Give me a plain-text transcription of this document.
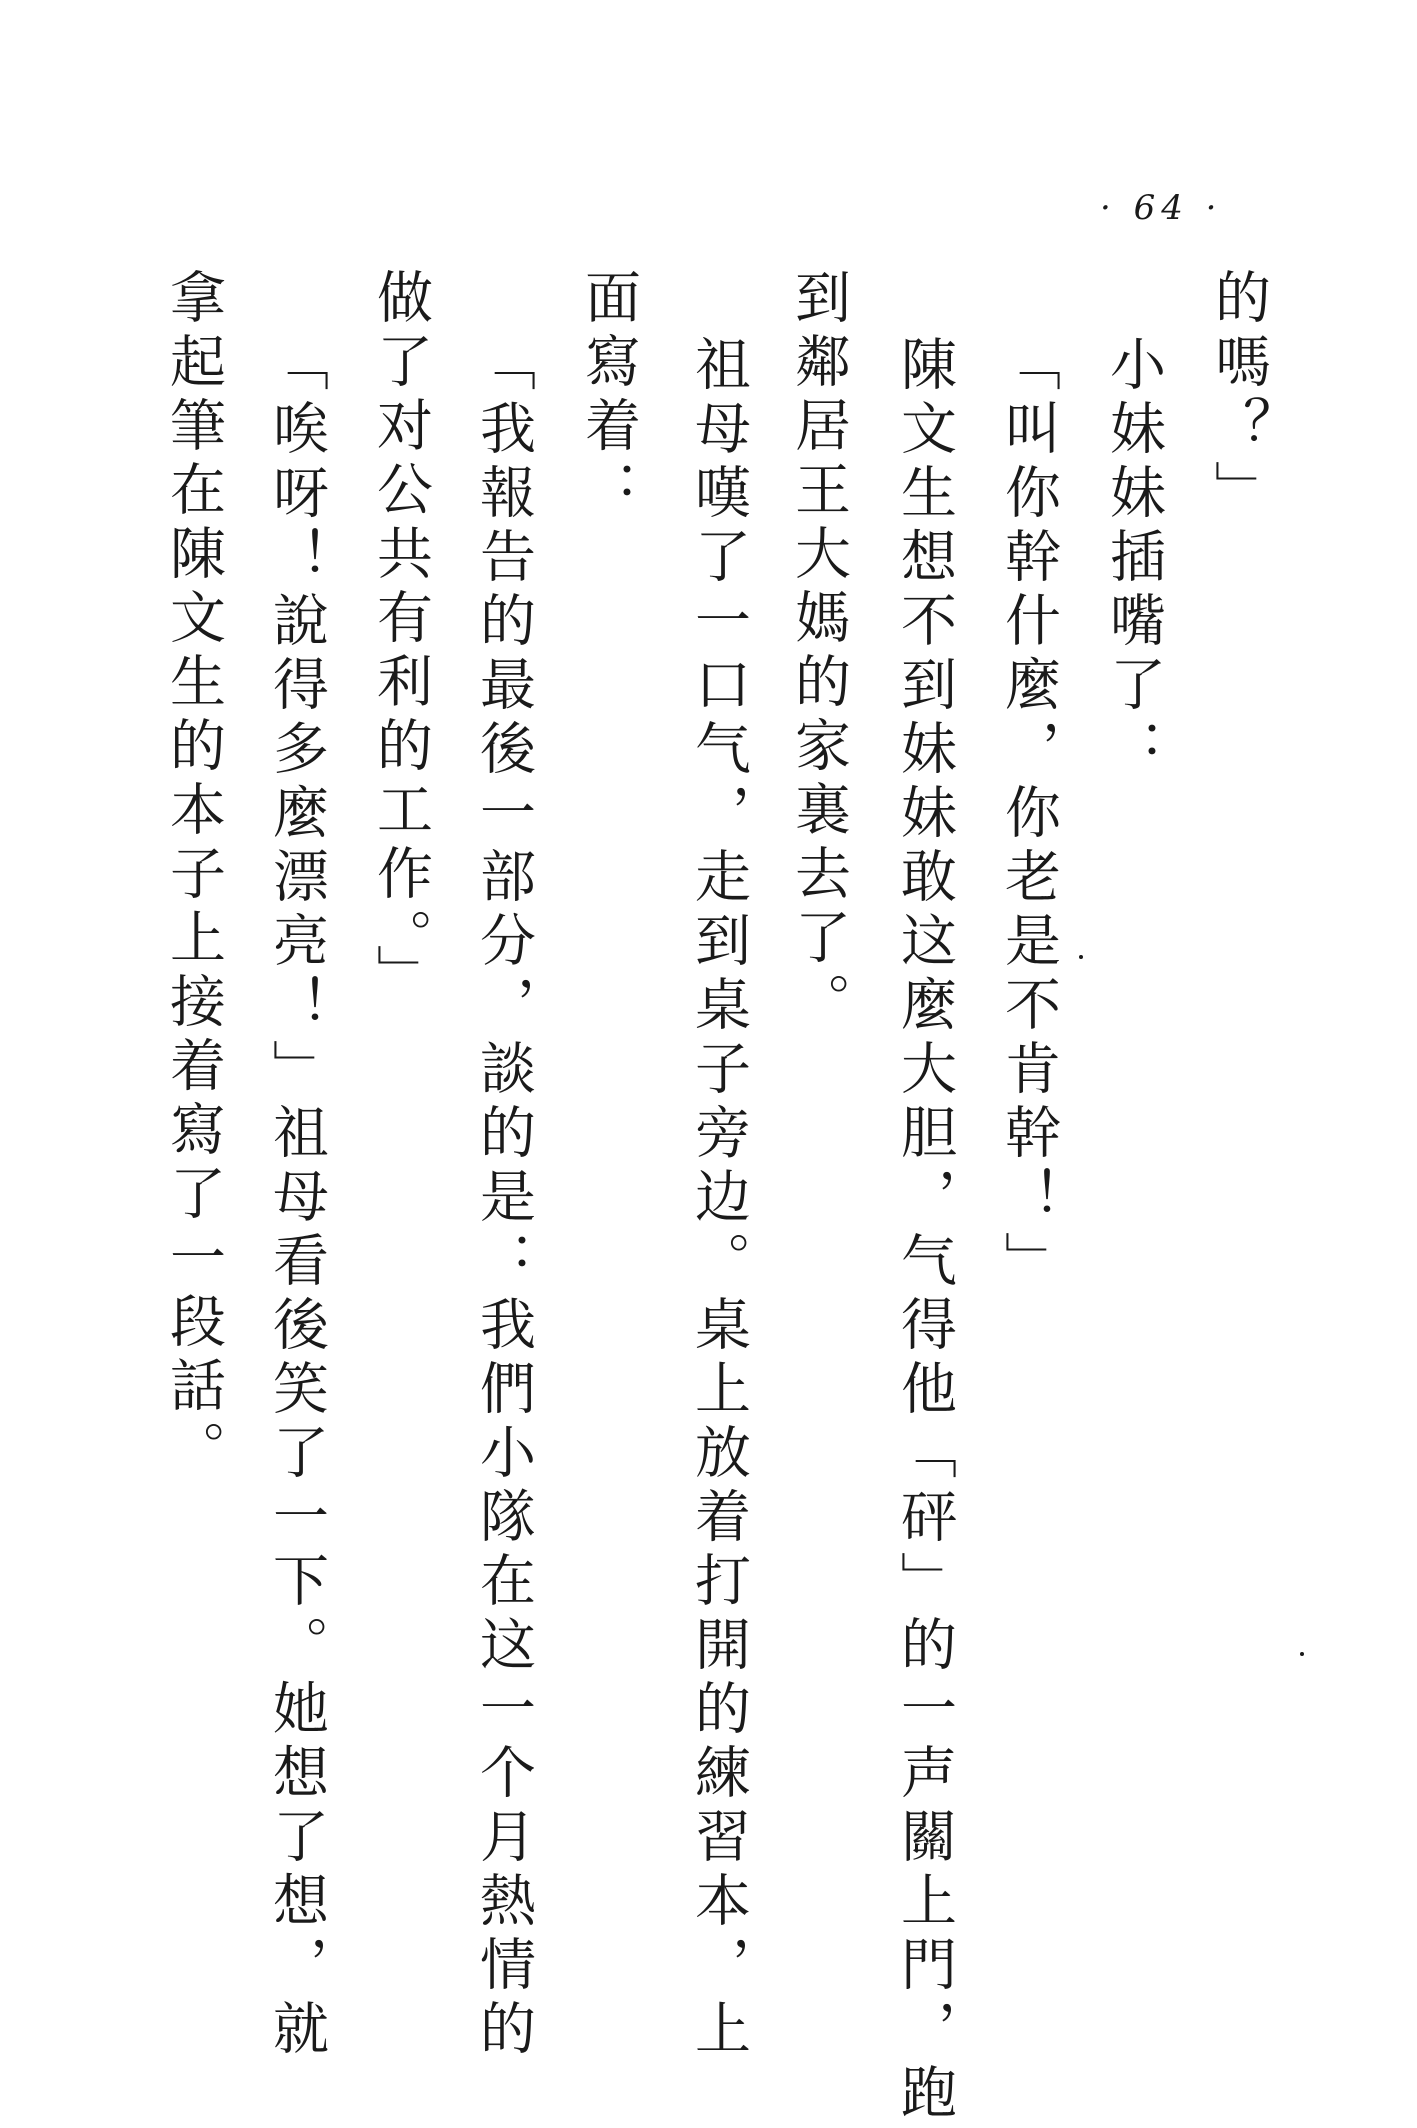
· 64 ·
的嗎？」
小妹妹插嘴了：
「叫你幹什麼，你老是不肯幹！」
陳文生想不到妹妹敢这麼大胆，气得他「砰」的一声關上門，跑
到鄰居王大媽的家裏去了。
祖母嘆了一口气，走到桌子旁边。桌上放着打開的練習本，上
面寫着：
「我報告的最後一部分，談的是：我們小隊在这一个月熱情的
做了对公共有利的工作。」
「唉呀！說得多麼漂亮！」祖母看後笑了一下。她想了想，就
拿起筆在陳文生的本子上接着寫了一段話。
